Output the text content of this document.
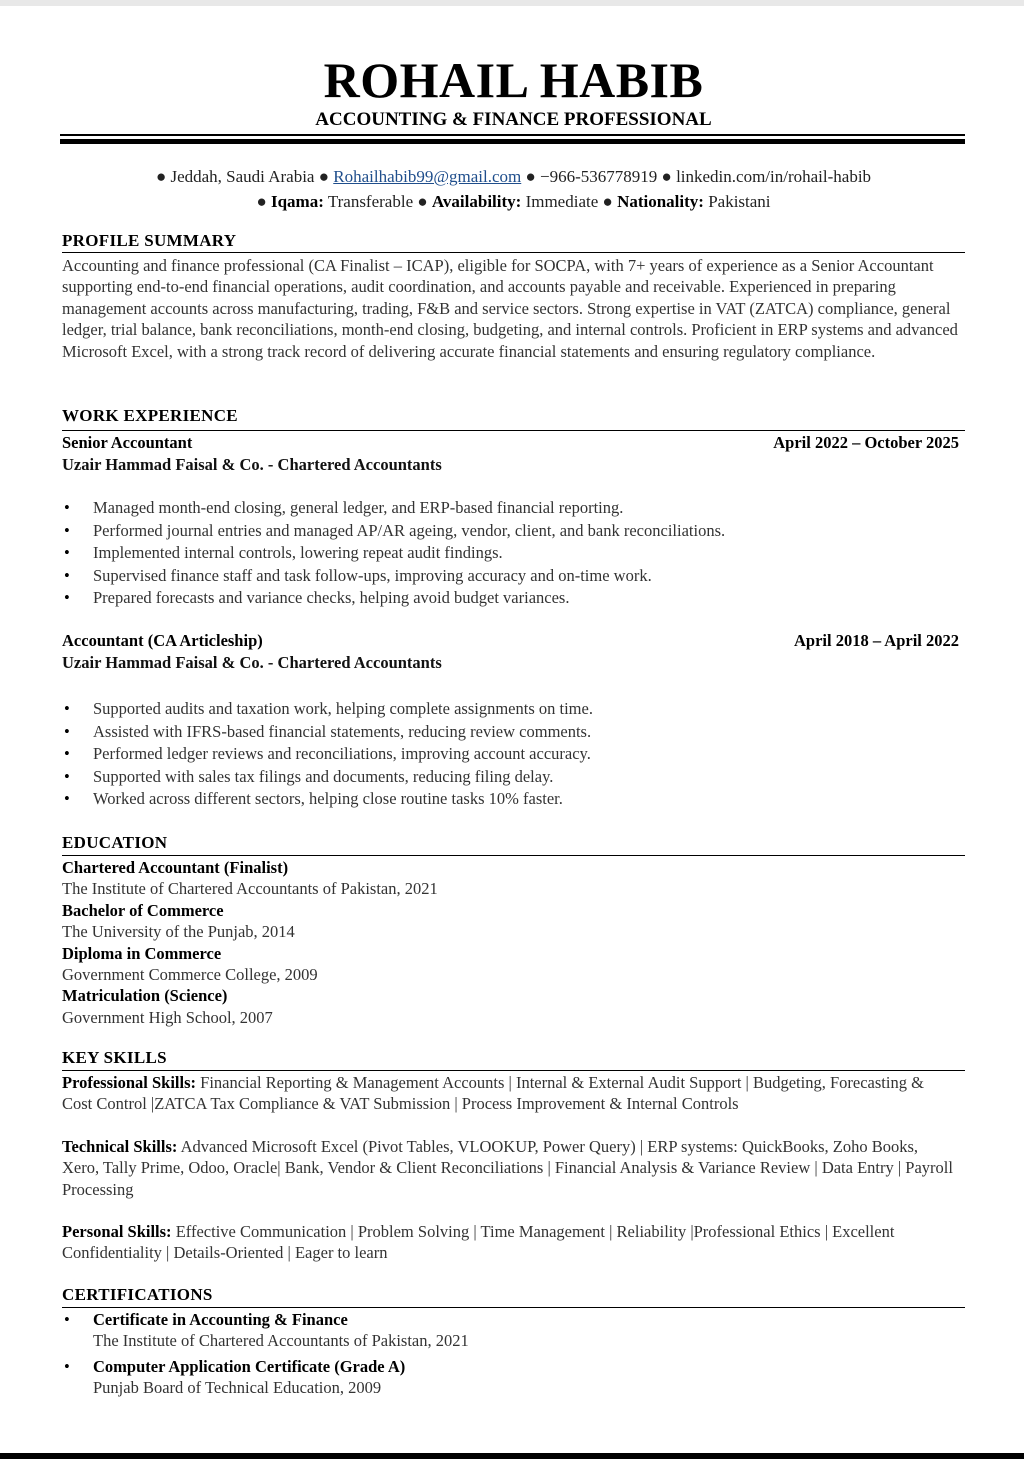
ROHAIL HABIB
ACCOUNTING & FINANCE PROFESSIONAL
● Jeddah, Saudi Arabia ● Rohailhabib99@gmail.com ● −966-536778919 ● linkedin.com/in/rohail-habib
● Iqama: Transferable ● Availability: Immediate ● Nationality: Pakistani
PROFILE SUMMARY
Accounting and finance professional (CA Finalist – ICAP), eligible for SOCPA, with 7+ years of experience as a Senior Accountant supporting end-to-end financial operations, audit coordination, and accounts payable and receivable. Experienced in preparing management accounts across manufacturing, trading, F&B and service sectors. Strong expertise in VAT (ZATCA) compliance, general ledger, trial balance, bank reconciliations, month-end closing, budgeting, and internal controls. Proficient in ERP systems and advanced Microsoft Excel, with a strong track record of delivering accurate financial statements and ensuring regulatory compliance.
WORK EXPERIENCE
Senior Accountant	April 2022 – October 2025
Uzair Hammad Faisal & Co. - Chartered Accountants
• Managed month-end closing, general ledger, and ERP-based financial reporting.
• Performed journal entries and managed AP/AR ageing, vendor, client, and bank reconciliations.
• Implemented internal controls, lowering repeat audit findings.
• Supervised finance staff and task follow-ups, improving accuracy and on-time work.
• Prepared forecasts and variance checks, helping avoid budget variances.
Accountant (CA Articleship)	April 2018 – April 2022
Uzair Hammad Faisal & Co. - Chartered Accountants
• Supported audits and taxation work, helping complete assignments on time.
• Assisted with IFRS-based financial statements, reducing review comments.
• Performed ledger reviews and reconciliations, improving account accuracy.
• Supported with sales tax filings and documents, reducing filing delay.
• Worked across different sectors, helping close routine tasks 10% faster.
EDUCATION
Chartered Accountant (Finalist)
The Institute of Chartered Accountants of Pakistan, 2021
Bachelor of Commerce
The University of the Punjab, 2014
Diploma in Commerce
Government Commerce College, 2009
Matriculation (Science)
Government High School, 2007
KEY SKILLS
Professional Skills: Financial Reporting & Management Accounts | Internal & External Audit Support | Budgeting, Forecasting & Cost Control |ZATCA Tax Compliance & VAT Submission | Process Improvement & Internal Controls
Technical Skills: Advanced Microsoft Excel (Pivot Tables, VLOOKUP, Power Query) | ERP systems: QuickBooks, Zoho Books, Xero, Tally Prime, Odoo, Oracle| Bank, Vendor & Client Reconciliations | Financial Analysis & Variance Review | Data Entry | Payroll Processing
Personal Skills: Effective Communication | Problem Solving | Time Management | Reliability |Professional Ethics | Excellent Confidentiality | Details-Oriented | Eager to learn
CERTIFICATIONS
• Certificate in Accounting & Finance
The Institute of Chartered Accountants of Pakistan, 2021
• Computer Application Certificate (Grade A)
Punjab Board of Technical Education, 2009
